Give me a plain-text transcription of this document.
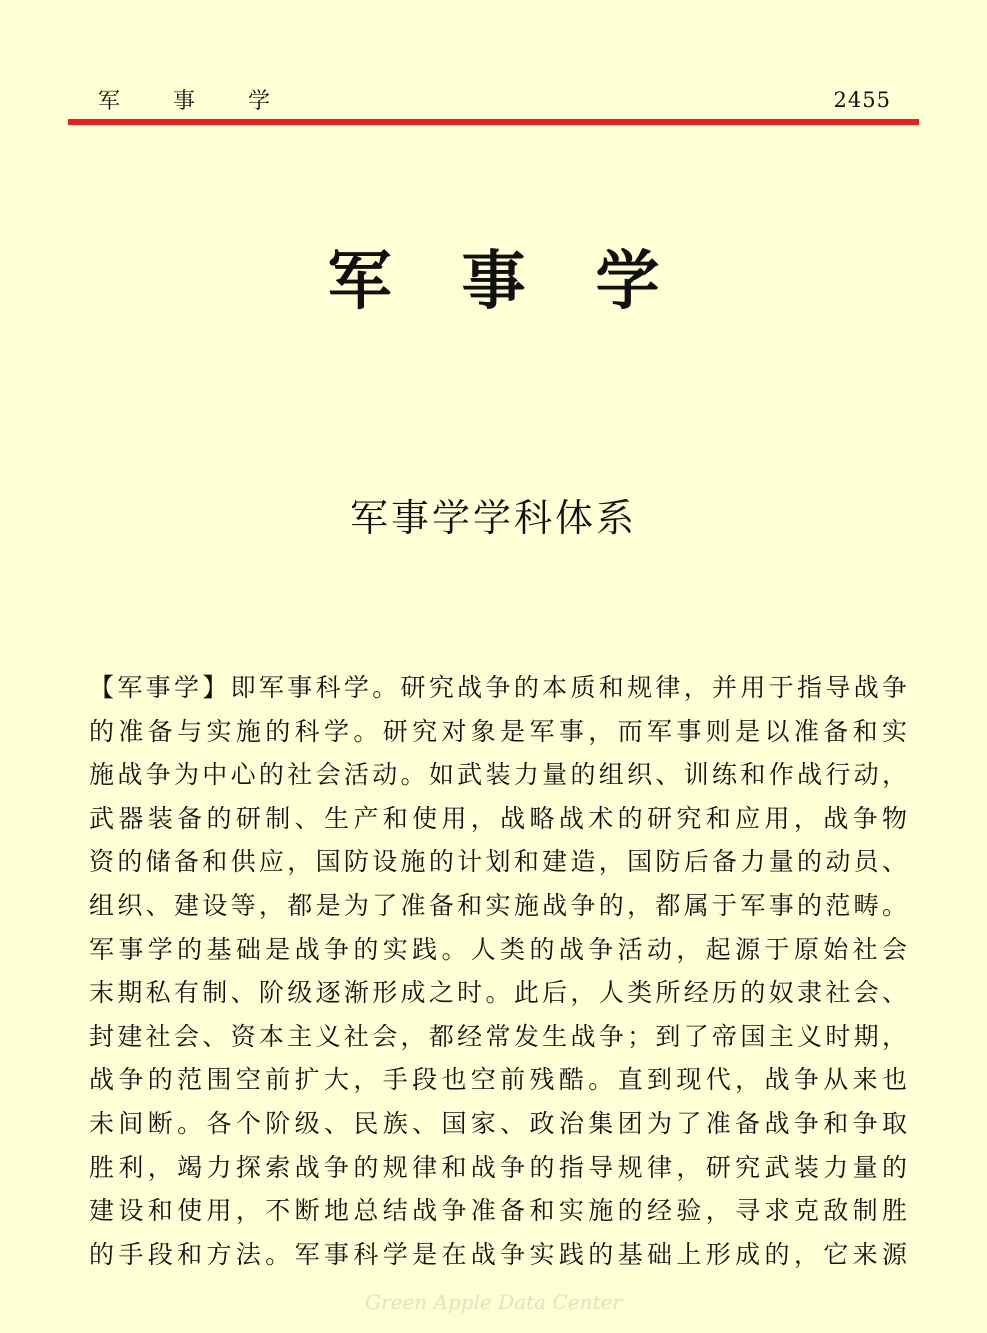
军	事	学	2455
军事学
军事学学科体系
【军事学】即军事科学。研究战争的本质和规律，并用于指导战争
的准备与实施的科学。研究对象是军事，而军事则是以准备和实
施战争为中心的社会活动。如武装力量的组织、训练和作战行动，
武器装备的研制、生产和使用，战略战术的研究和应用，战争物
资的储备和供应，国防设施的计划和建造，国防后备力量的动员、
组织、建设等，都是为了准备和实施战争的，都属于军事的范畴。
军事学的基础是战争的实践。人类的战争活动，起源于原始社会
末期私有制、阶级逐渐形成之时。此后，人类所经历的奴隶社会、
封建社会、资本主义社会，都经常发生战争；到了帝国主义时期，
战争的范围空前扩大，手段也空前残酷。直到现代，战争从来也
未间断。各个阶级、民族、国家、政治集团为了准备战争和争取
胜利，竭力探索战争的规律和战争的指导规律，研究武装力量的
建设和使用，不断地总结战争准备和实施的经验，寻求克敌制胜
的手段和方法。军事科学是在战争实践的基础上形成的，它来源
Green Apple Data Center
